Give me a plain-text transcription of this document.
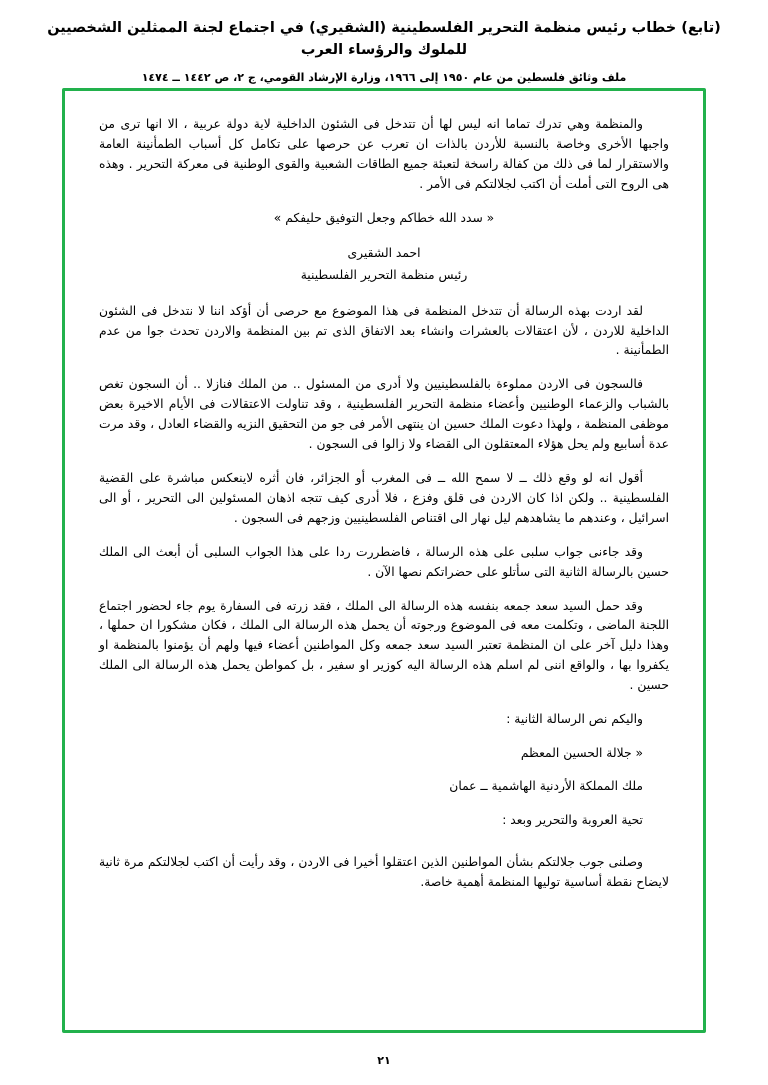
(تابع) خطاب رئيس منظمة التحرير الفلسطينية (الشقيري) في اجتماع لجنة الممثلين الشخصيين للملوك والرؤساء العرب
ملف وثائق فلسطين من عام ١٩٥٠ إلى ١٩٦٦، وزارة الإرشاد القومي، ج ٢، ص ١٤٤٢ ــ ١٤٧٤

والمنظمة وهي تدرك تماما انه ليس لها أن تتدخل فى الشئون الداخلية لاية دولة عربية ، الا انها ترى من واجبها الأخرى وخاصة بالنسبة للأردن بالذات ان تعرب عن حرصها على تكامل كل أسباب الطمأنينة العامة والاستقرار لما فى ذلك من كفالة راسخة لتعبئة جميع الطاقات الشعبية والقوى الوطنية فى معركة التحرير . وهذه هى الروح التى أملت أن اكتب لجلالتكم فى الأمر .

« سدد الله خطاكم وجعل التوفيق حليفكم »

احمد الشقيرى

رئيس منظمة التحرير الفلسطينية

لقد اردت بهذه الرسالة أن تتدخل المنظمة فى هذا الموضوع مع حرصى أن أؤكد اننا لا نتدخل فى الشئون الداخلية للاردن ، لأن اعتقالات بالعشرات وانشاء بعد الاتفاق الذى تم بين المنظمة والاردن تحدث جوا من عدم الطمأنينة .

فالسجون فى الاردن مملوءة بالفلسطينيين ولا أدرى من المسئول .. من الملك فنازلا .. أن السجون تغص بالشباب والزعماء الوطنيين وأعضاء منظمة التحرير الفلسطينية ، وقد تناولت الاعتقالات فى الأيام الاخيرة بعض موظفى المنظمة ، ولهذا دعوت الملك حسين ان ينتهى الأمر فى جو من التحقيق النزيه والقضاء العادل ، وقد مرت عدة أسابيع ولم يحل هؤلاء المعتقلون الى القضاء ولا زالوا فى السجون .

أقول انه لو وقع ذلك ــ لا سمح الله ــ فى المغرب أو الجزائر، فان أثره لاينعكس مباشرة على القضية الفلسطينية .. ولكن اذا كان الاردن فى قلق وفزع ، فلا أدرى كيف تتجه اذهان المسئولين الى التحرير ، أو الى اسرائيل ، وعندهم ما يشاهدهم ليل نهار الى اقتناص الفلسطينيين وزجهم فى السجون .

وقد جاءنى جواب سلبى على هذه الرسالة ، فاضطررت ردا على هذا الجواب السلبى أن أبعث الى الملك حسين بالرسالة الثانية التى سأتلو على حضراتكم نصها الآن .

وقد حمل السيد سعد جمعه بنفسه هذه الرسالة الى الملك ، فقد زرته فى السفارة يوم جاء لحضور اجتماع اللجنة الماضى ، وتكلمت معه فى الموضوع ورجوته أن يحمل هذه الرسالة الى الملك ، فكان مشكورا ان حملها ، وهذا دليل آخر على ان المنظمة تعتبر السيد سعد جمعه وكل المواطنين أعضاء فيها ولهم أن يؤمنوا بالمنظمة او يكفروا بها ، والواقع اننى لم اسلم هذه الرسالة اليه كوزير او سفير ، بل كمواطن يحمل هذه الرسالة الى الملك حسين .

واليكم نص الرسالة الثانية :

« جلالة الحسين المعظم

ملك المملكة الأردنية الهاشمية ــ عمان

تحية العروبة والتحرير وبعد :

وصلنى جوب جلالتكم بشأن المواطنين الذين اعتقلوا أخيرا فى الاردن ، وقد رأيت أن اكتب لجلالتكم مرة ثانية لايضاح نقطة أساسية توليها المنظمة أهمية خاصة.

٢١
